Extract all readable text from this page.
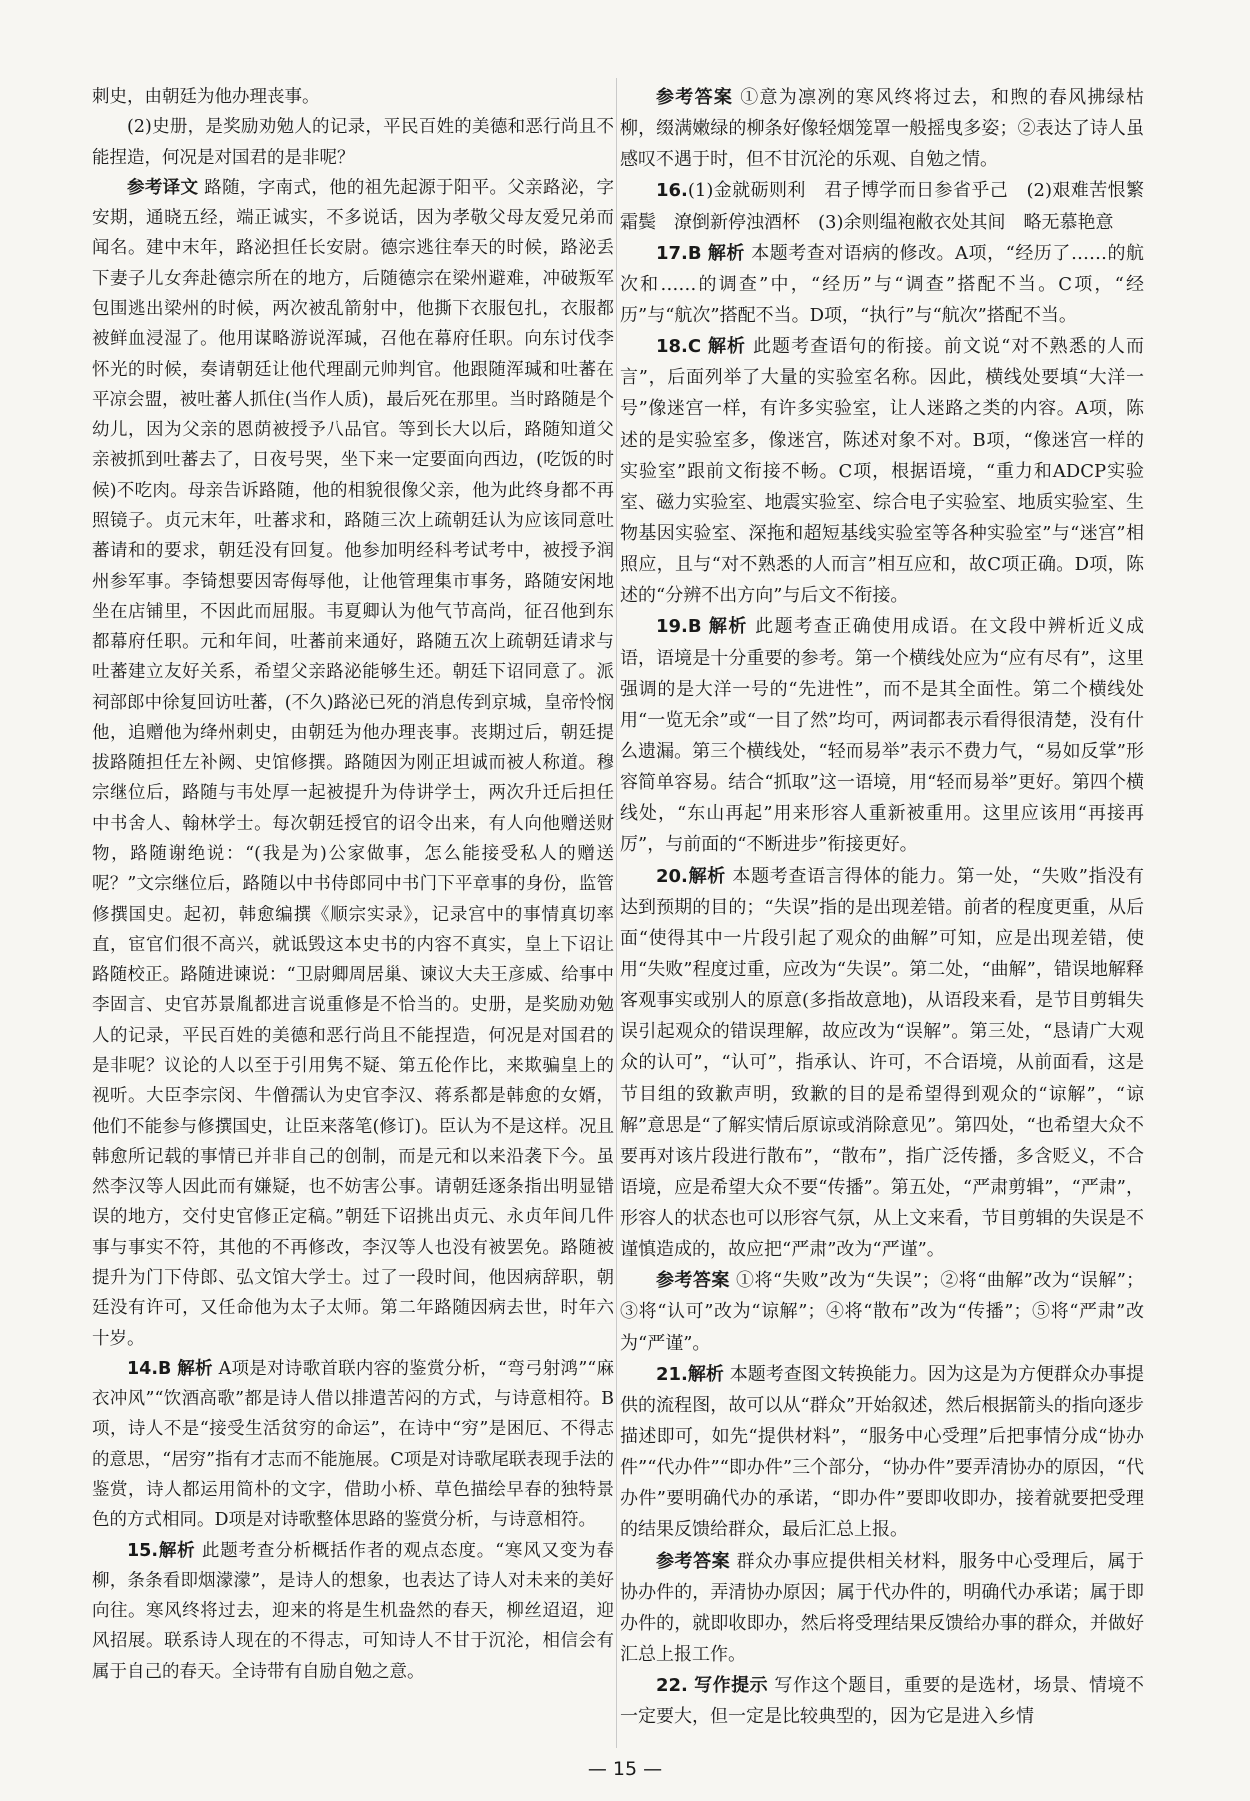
刺史，由朝廷为他办理丧事。

(2)史册，是奖励劝勉人的记录，平民百姓的美德和恶行尚且不能捏造，何况是对国君的是非呢？

参考译文 路随，字南式，他的祖先起源于阳平。父亲路泌，字安期，通晓五经，端正诚实，不多说话，因为孝敬父母友爱兄弟而闻名。建中末年，路泌担任长安尉。德宗逃往奉天的时候，路泌丢下妻子儿女奔赴德宗所在的地方，后随德宗在梁州避难，冲破叛军包围逃出梁州的时候，两次被乱箭射中，他撕下衣服包扎，衣服都被鲜血浸湿了。他用谋略游说浑瑊，召他在幕府任职。向东讨伐李怀光的时候，奏请朝廷让他代理副元帅判官。他跟随浑瑊和吐蕃在平凉会盟，被吐蕃人抓住(当作人质)，最后死在那里。当时路随是个幼儿，因为父亲的恩荫被授予八品官。等到长大以后，路随知道父亲被抓到吐蕃去了，日夜号哭，坐下来一定要面向西边，(吃饭的时候)不吃肉。母亲告诉路随，他的相貌很像父亲，他为此终身都不再照镜子。贞元末年，吐蕃求和，路随三次上疏朝廷认为应该同意吐蕃请和的要求，朝廷没有回复。他参加明经科考试考中，被授予润州参军事。李锜想要因寄侮辱他，让他管理集市事务，路随安闲地坐在店铺里，不因此而屈服。韦夏卿认为他气节高尚，征召他到东都幕府任职。元和年间，吐蕃前来通好，路随五次上疏朝廷请求与吐蕃建立友好关系，希望父亲路泌能够生还。朝廷下诏同意了。派祠部郎中徐复回访吐蕃，(不久)路泌已死的消息传到京城，皇帝怜悯他，追赠他为绛州刺史，由朝廷为他办理丧事。丧期过后，朝廷提拔路随担任左补阙、史馆修撰。路随因为刚正坦诚而被人称道。穆宗继位后，路随与韦处厚一起被提升为侍讲学士，两次升迁后担任中书舍人、翰林学士。每次朝廷授官的诏令出来，有人向他赠送财物，路随谢绝说：“(我是为)公家做事，怎么能接受私人的赠送呢？”文宗继位后，路随以中书侍郎同中书门下平章事的身份，监管修撰国史。起初，韩愈编撰《顺宗实录》，记录宫中的事情真切率直，宦官们很不高兴，就诋毁这本史书的内容不真实，皇上下诏让路随校正。路随进谏说：“卫尉卿周居巢、谏议大夫王彦威、给事中李固言、史官苏景胤都进言说重修是不恰当的。史册，是奖励劝勉人的记录，平民百姓的美德和恶行尚且不能捏造，何况是对国君的是非呢？议论的人以至于引用隽不疑、第五伦作比，来欺骗皇上的视听。大臣李宗闵、牛僧孺认为史官李汉、蒋系都是韩愈的女婿，他们不能参与修撰国史，让臣来落笔(修订)。臣认为不是这样。况且韩愈所记载的事情已并非自己的创制，而是元和以来沿袭下今。虽然李汉等人因此而有嫌疑，也不妨害公事。请朝廷逐条指出明显错误的地方，交付史官修正定稿。”朝廷下诏挑出贞元、永贞年间几件事与事实不符，其他的不再修改，李汉等人也没有被罢免。路随被提升为门下侍郎、弘文馆大学士。过了一段时间，他因病辞职，朝廷没有许可，又任命他为太子太师。第二年路随因病去世，时年六十岁。

14.B 解析 A项是对诗歌首联内容的鉴赏分析，“弯弓射鸿”“麻衣冲风”“饮酒高歌”都是诗人借以排遣苦闷的方式，与诗意相符。B项，诗人不是“接受生活贫穷的命运”，在诗中“穷”是困厄、不得志的意思，“居穷”指有才志而不能施展。C项是对诗歌尾联表现手法的鉴赏，诗人都运用简朴的文字，借助小桥、草色描绘早春的独特景色的方式相同。D项是对诗歌整体思路的鉴赏分析，与诗意相符。

15.解析 此题考查分析概括作者的观点态度。“寒风又变为春柳，条条看即烟濛濛”，是诗人的想象，也表达了诗人对未来的美好向往。寒风终将过去，迎来的将是生机盎然的春天，柳丝迢迢，迎风招展。联系诗人现在的不得志，可知诗人不甘于沉沦，相信会有属于自己的春天。全诗带有自励自勉之意。

参考答案 ①意为凛冽的寒风终将过去，和煦的春风拂绿枯柳，缀满嫩绿的柳条好像轻烟笼罩一般摇曳多姿；②表达了诗人虽感叹不遇于时，但不甘沉沦的乐观、自勉之情。

16.(1)金就砺则利　君子博学而日参省乎己　(2)艰难苦恨繁霜鬓　潦倒新停浊酒杯　(3)余则缊袍敝衣处其间　略无慕艳意

17.B 解析 本题考查对语病的修改。A项，“经历了……的航次和……的调查”中，“经历”与“调查”搭配不当。C项，“经历”与“航次”搭配不当。D项，“执行”与“航次”搭配不当。

18.C 解析 此题考查语句的衔接。前文说“对不熟悉的人而言”，后面列举了大量的实验室名称。因此，横线处要填“大洋一号”像迷宫一样，有许多实验室，让人迷路之类的内容。A项，陈述的是实验室多，像迷宫，陈述对象不对。B项，“像迷宫一样的实验室”跟前文衔接不畅。C项，根据语境，“重力和ADCP实验室、磁力实验室、地震实验室、综合电子实验室、地质实验室、生物基因实验室、深拖和超短基线实验室等各种实验室”与“迷宫”相照应，且与“对不熟悉的人而言”相互应和，故C项正确。D项，陈述的“分辨不出方向”与后文不衔接。

19.B 解析 此题考查正确使用成语。在文段中辨析近义成语，语境是十分重要的参考。第一个横线处应为“应有尽有”，这里强调的是大洋一号的“先进性”，而不是其全面性。第二个横线处用“一览无余”或“一目了然”均可，两词都表示看得很清楚，没有什么遗漏。第三个横线处，“轻而易举”表示不费力气，“易如反掌”形容简单容易。结合“抓取”这一语境，用“轻而易举”更好。第四个横线处，“东山再起”用来形容人重新被重用。这里应该用“再接再厉”，与前面的“不断进步”衔接更好。

20.解析 本题考查语言得体的能力。第一处，“失败”指没有达到预期的目的；“失误”指的是出现差错。前者的程度更重，从后面“使得其中一片段引起了观众的曲解”可知，应是出现差错，使用“失败”程度过重，应改为“失误”。第二处，“曲解”，错误地解释客观事实或别人的原意(多指故意地)，从语段来看，是节目剪辑失误引起观众的错误理解，故应改为“误解”。第三处，“恳请广大观众的认可”，“认可”，指承认、许可，不合语境，从前面看，这是节目组的致歉声明，致歉的目的是希望得到观众的“谅解”，“谅解”意思是“了解实情后原谅或消除意见”。第四处，“也希望大众不要再对该片段进行散布”，“散布”，指广泛传播，多含贬义，不合语境，应是希望大众不要“传播”。第五处，“严肃剪辑”，“严肃”，形容人的状态也可以形容气氛，从上文来看，节目剪辑的失误是不谨慎造成的，故应把“严肃”改为“严谨”。

参考答案 ①将“失败”改为“失误”；②将“曲解”改为“误解”；③将“认可”改为“谅解”；④将“散布”改为“传播”；⑤将“严肃”改为“严谨”。

21.解析 本题考查图文转换能力。因为这是为方便群众办事提供的流程图，故可以从“群众”开始叙述，然后根据箭头的指向逐步描述即可，如先“提供材料”，“服务中心受理”后把事情分成“协办件”“代办件”“即办件”三个部分，“协办件”要弄清协办的原因，“代办件”要明确代办的承诺，“即办件”要即收即办，接着就要把受理的结果反馈给群众，最后汇总上报。

参考答案 群众办事应提供相关材料，服务中心受理后，属于协办件的，弄清协办原因；属于代办件的，明确代办承诺；属于即办件的，就即收即办，然后将受理结果反馈给办事的群众，并做好汇总上报工作。

22. 写作提示 写作这个题目，重要的是选材，场景、情境不一定要大，但一定是比较典型的，因为它是进入乡情

— 15 —
